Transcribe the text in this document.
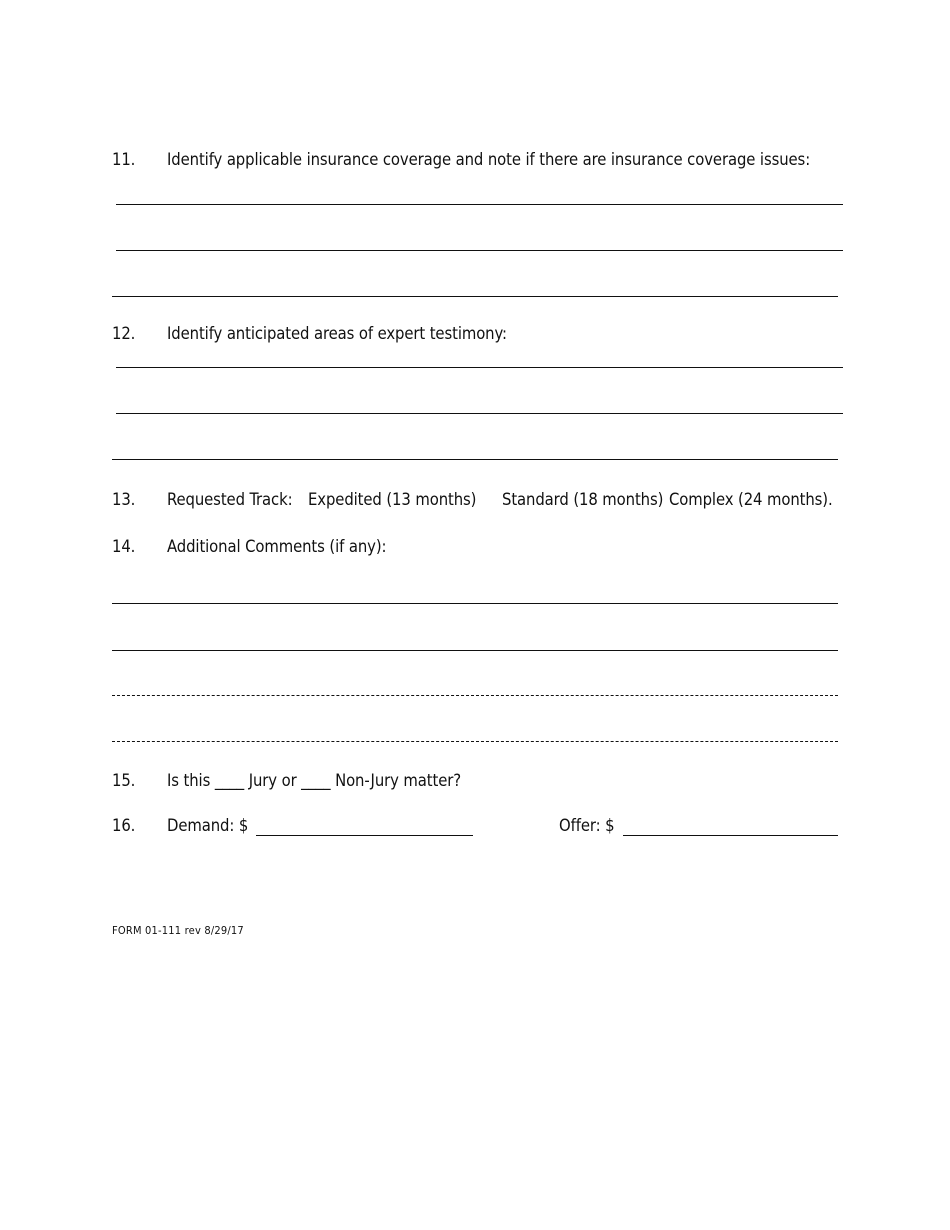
11. Identify applicable insurance coverage and note if there are insurance coverage issues:
12. Identify anticipated areas of expert testimony:
13. Requested Track: Expedited (13 months) Standard (18 months) Complex (24 months).
14. Additional Comments (if any):
15. Is this ____ Jury or ____ Non-Jury matter?
16. Demand: $	Offer: $
FORM 01-111 rev 8/29/17
